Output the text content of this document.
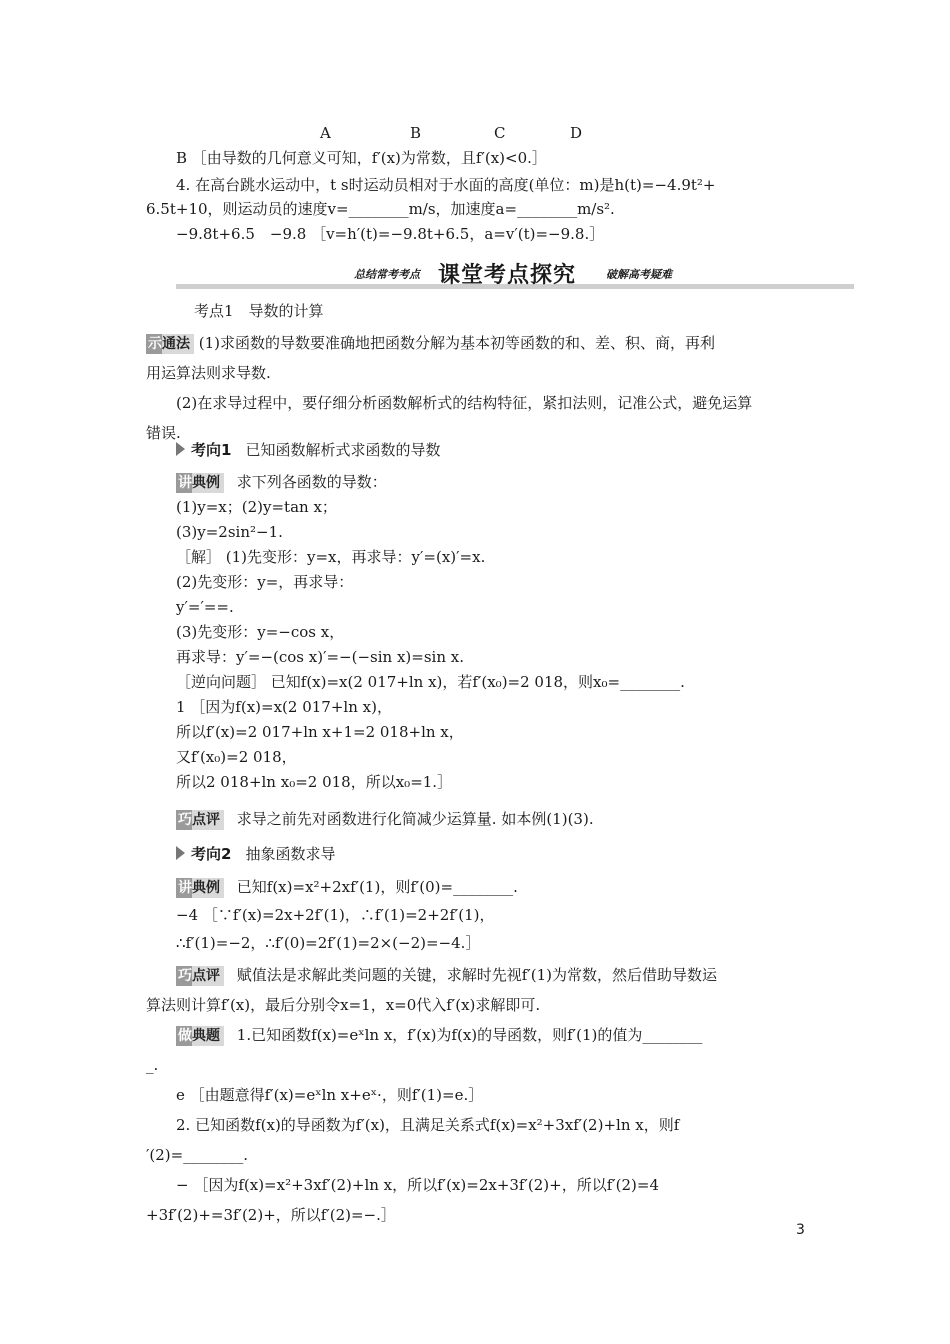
A	B	C	D
B ［由导数的几何意义可知，f′(x)为常数，且f′(x)<0.］
4. 在高台跳水运动中，t s时运动员相对于水面的高度(单位：m)是h(t)=−4.9t²+
6.5t+10，则运动员的速度v=________m/s，加速度a=________m/s².
−9.8t+6.5　−9.8 ［v=h′(t)=−9.8t+6.5，a=v′(t)=−9.8.］
总结常考考点 课堂考点探究	破解高考疑难
考点1　导数的计算
示通法 (1)求函数的导数要准确地把函数分解为基本初等函数的和、差、积、商，再利
用运算法则求导数.
(2)在求导过程中，要仔细分析函数解析式的结构特征，紧扣法则，记准公式，避免运算
错误.
考向1 已知函数解析式求函数的导数
讲典例 求下列各函数的导数：
(1)y=x；(2)y=tan x；
(3)y=2sin²−1.
［解］ (1)先变形：y=x，再求导：y′=(x)′=x.
(2)先变形：y=，再求导：
y′=′==.
(3)先变形：y=−cos x，
再求导：y′=−(cos x)′=−(−sin x)=sin x.
［逆向问题］ 已知f(x)=x(2 017+ln x)，若f′(x₀)=2 018，则x₀=________.
1 ［因为f(x)=x(2 017+ln x)，
所以f′(x)=2 017+ln x+1=2 018+ln x，
又f′(x₀)=2 018，
所以2 018+ln x₀=2 018，所以x₀=1.］
巧点评 求导之前先对函数进行化简减少运算量. 如本例(1)(3).
考向2 抽象函数求导
讲典例 已知f(x)=x²+2xf′(1)，则f′(0)=________.
−4 ［∵f′(x)=2x+2f′(1)，∴f′(1)=2+2f′(1)，
∴f′(1)=−2，∴f′(0)=2f′(1)=2×(−2)=−4.］
巧点评 赋值法是求解此类问题的关键，求解时先视f′(1)为常数，然后借助导数运
算法则计算f′(x)，最后分别令x=1，x=0代入f′(x)求解即可.
做典题 1.已知函数f(x)=eˣln x，f′(x)为f(x)的导函数，则f′(1)的值为________
_.
e ［由题意得f′(x)=eˣln x+eˣ·，则f′(1)=e.］
2. 已知函数f(x)的导函数为f′(x)，且满足关系式f(x)=x²+3xf′(2)+ln x，则f
′(2)=________.
− ［因为f(x)=x²+3xf′(2)+ln x，所以f′(x)=2x+3f′(2)+，所以f′(2)=4
+3f′(2)+=3f′(2)+，所以f′(2)=−.］
3
